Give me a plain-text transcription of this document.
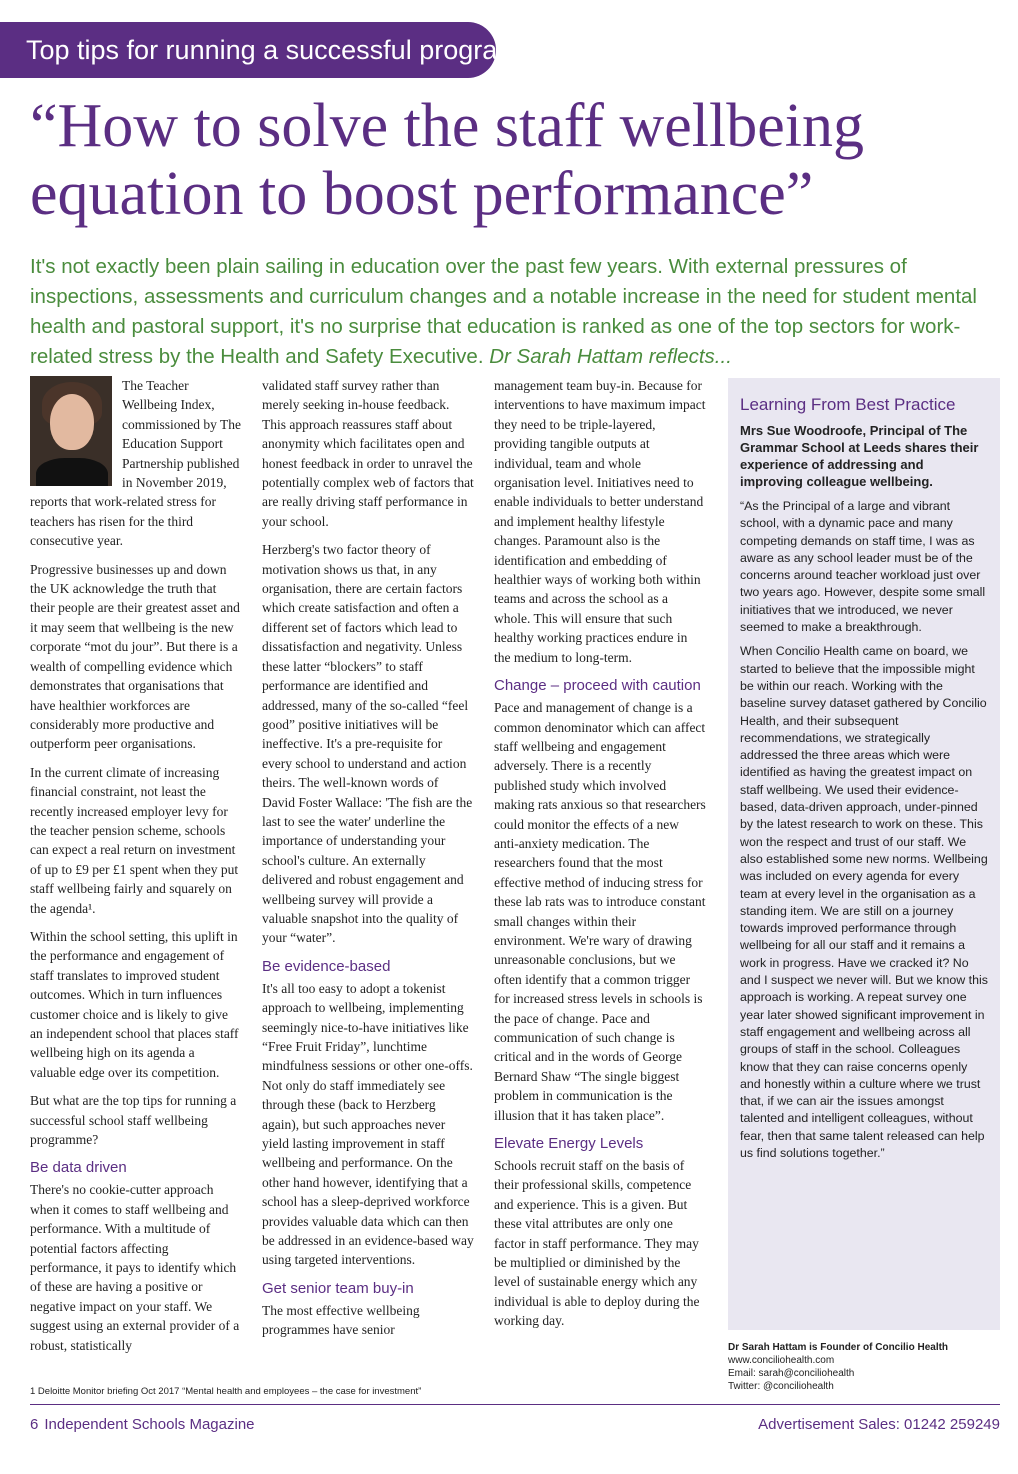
Top tips for running a successful programme
“How to solve the staff wellbeing equation to boost performance”

It's not exactly been plain sailing in education over the past few years. With external pressures of inspections, assessments and curriculum changes and a notable increase in the need for student mental health and pastoral support, it's no surprise that education is ranked as one of the top sectors for work-related stress by the Health and Safety Executive. Dr Sarah Hattam reflects...

The Teacher Wellbeing Index, commissioned by The Education Support Partnership published in November 2019, reports that work-related stress for teachers has risen for the third consecutive year.

Progressive businesses up and down the UK acknowledge the truth that their people are their greatest asset and it may seem that wellbeing is the new corporate “mot du jour”. But there is a wealth of compelling evidence which demonstrates that organisations that have healthier workforces are considerably more productive and outperform peer organisations.

In the current climate of increasing financial constraint, not least the recently increased employer levy for the teacher pension scheme, schools can expect a real return on investment of up to £9 per £1 spent when they put staff wellbeing fairly and squarely on the agenda¹.

Within the school setting, this uplift in the performance and engagement of staff translates to improved student outcomes. Which in turn influences customer choice and is likely to give an independent school that places staff wellbeing high on its agenda a valuable edge over its competition.

But what are the top tips for running a successful school staff wellbeing programme?

Be data driven

There's no cookie-cutter approach when it comes to staff wellbeing and performance. With a multitude of potential factors affecting performance, it pays to identify which of these are having a positive or negative impact on your staff. We suggest using an external provider of a robust, statistically

validated staff survey rather than merely seeking in-house feedback. This approach reassures staff about anonymity which facilitates open and honest feedback in order to unravel the potentially complex web of factors that are really driving staff performance in your school.

Herzberg's two factor theory of motivation shows us that, in any organisation, there are certain factors which create satisfaction and often a different set of factors which lead to dissatisfaction and negativity. Unless these latter “blockers” to staff performance are identified and addressed, many of the so-called “feel good” positive initiatives will be ineffective. It's a pre-requisite for every school to understand and action theirs. The well-known words of David Foster Wallace: 'The fish are the last to see the water' underline the importance of understanding your school's culture. An externally delivered and robust engagement and wellbeing survey will provide a valuable snapshot into the quality of your “water”.

Be evidence-based

It's all too easy to adopt a tokenist approach to wellbeing, implementing seemingly nice-to-have initiatives like “Free Fruit Friday”, lunchtime mindfulness sessions or other one-offs. Not only do staff immediately see through these (back to Herzberg again), but such approaches never yield lasting improvement in staff wellbeing and performance. On the other hand however, identifying that a school has a sleep-deprived workforce provides valuable data which can then be addressed in an evidence-based way using targeted interventions.

Get senior team buy-in

The most effective wellbeing programmes have senior

management team buy-in. Because for interventions to have maximum impact they need to be triple-layered, providing tangible outputs at individual, team and whole organisation level. Initiatives need to enable individuals to better understand and implement healthy lifestyle changes. Paramount also is the identification and embedding of healthier ways of working both within teams and across the school as a whole. This will ensure that such healthy working practices endure in the medium to long-term.

Change – proceed with caution

Pace and management of change is a common denominator which can affect staff wellbeing and engagement adversely. There is a recently published study which involved making rats anxious so that researchers could monitor the effects of a new anti-anxiety medication. The researchers found that the most effective method of inducing stress for these lab rats was to introduce constant small changes within their environment. We're wary of drawing unreasonable conclusions, but we often identify that a common trigger for increased stress levels in schools is the pace of change. Pace and communication of such change is critical and in the words of George Bernard Shaw “The single biggest problem in communication is the illusion that it has taken place”.

Elevate Energy Levels

Schools recruit staff on the basis of their professional skills, competence and experience. This is a given. But these vital attributes are only one factor in staff performance. They may be multiplied or diminished by the level of sustainable energy which any individual is able to deploy during the working day.

Learning From Best Practice

Mrs Sue Woodroofe, Principal of The Grammar School at Leeds shares their experience of addressing and improving colleague wellbeing.

“As the Principal of a large and vibrant school, with a dynamic pace and many competing demands on staff time, I was as aware as any school leader must be of the concerns around teacher workload just over two years ago. However, despite some small initiatives that we introduced, we never seemed to make a breakthrough.

When Concilio Health came on board, we started to believe that the impossible might be within our reach. Working with the baseline survey dataset gathered by Concilio Health, and their subsequent recommendations, we strategically addressed the three areas which were identified as having the greatest impact on staff wellbeing. We used their evidence-based, data-driven approach, under-pinned by the latest research to work on these. This won the respect and trust of our staff. We also established some new norms. Wellbeing was included on every agenda for every team at every level in the organisation as a standing item. We are still on a journey towards improved performance through wellbeing for all our staff and it remains a work in progress. Have we cracked it? No and I suspect we never will. But we know this approach is working. A repeat survey one year later showed significant improvement in staff engagement and wellbeing across all groups of staff in the school. Colleagues know that they can raise concerns openly and honestly within a culture where we trust that, if we can air the issues amongst talented and intelligent colleagues, without fear, then that same talent released can help us find solutions together.”

Dr Sarah Hattam is Founder of Concilio Health
www.conciliohealth.com
Email: sarah@conciliohealth
Twitter: @conciliohealth
1 Deloitte Monitor briefing Oct 2017 “Mental health and employees – the case for investment”
6 Independent Schools Magazine	Advertisement Sales: 01242 259249
